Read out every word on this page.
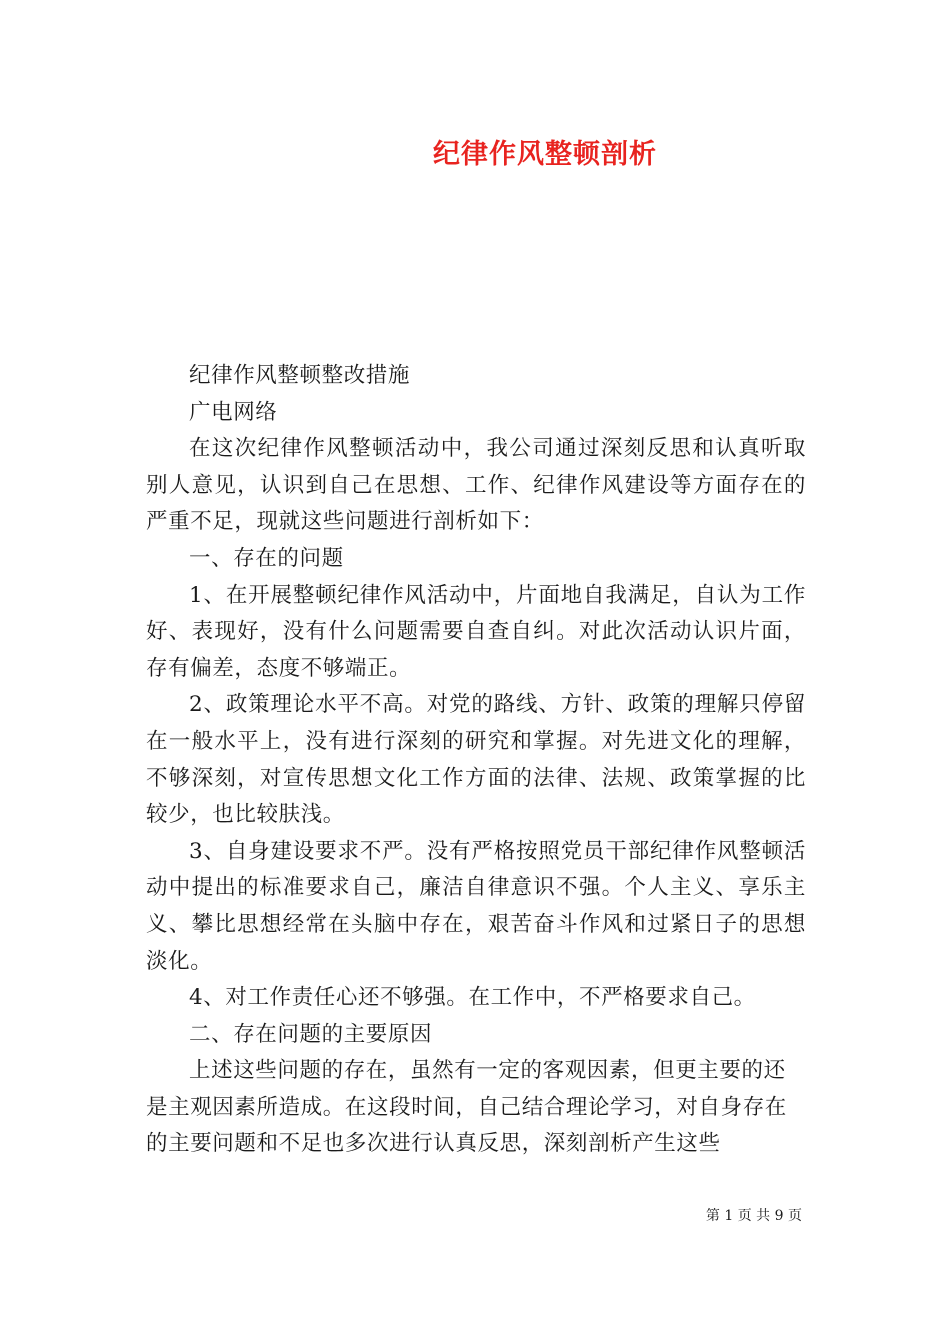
纪律作风整顿剖析

纪律作风整顿整改措施

广电网络

在这次纪律作风整顿活动中，我公司通过深刻反思和认真听取别人意见，认识到自己在思想、工作、纪律作风建设等方面存在的严重不足，现就这些问题进行剖析如下：

一、存在的问题

1、在开展整顿纪律作风活动中，片面地自我满足，自认为工作好、表现好，没有什么问题需要自查自纠。对此次活动认识片面，存有偏差，态度不够端正。

2、政策理论水平不高。对党的路线、方针、政策的理解只停留在一般水平上，没有进行深刻的研究和掌握。对先进文化的理解，不够深刻，对宣传思想文化工作方面的法律、法规、政策掌握的比较少，也比较肤浅。

3、自身建设要求不严。没有严格按照党员干部纪律作风整顿活动中提出的标准要求自己，廉洁自律意识不强。个人主义、享乐主义、攀比思想经常在头脑中存在，艰苦奋斗作风和过紧日子的思想淡化。

4、对工作责任心还不够强。在工作中，不严格要求自己。

二、存在问题的主要原因

上述这些问题的存在，虽然有一定的客观因素，但更主要的还是主观因素所造成。在这段时间，自己结合理论学习，对自身存在的主要问题和不足也多次进行认真反思，深刻剖析产生这些

第 1 页 共 9 页
